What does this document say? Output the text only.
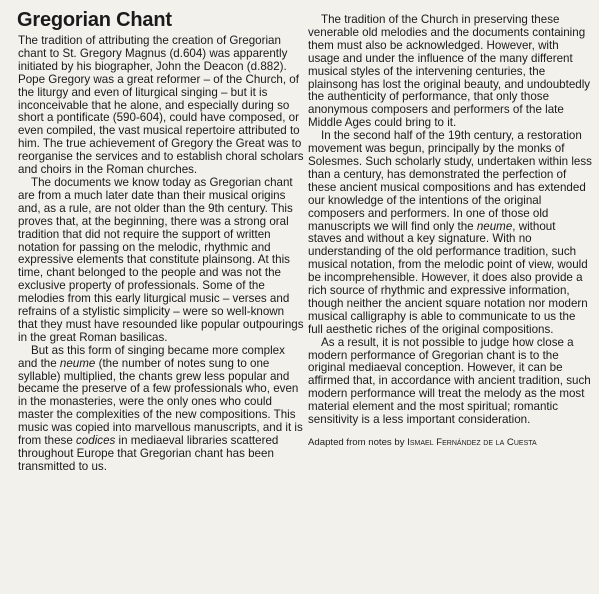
Gregorian Chant

The tradition of attributing the creation of Gregorian chant to St. Gregory Magnus (d.604) was apparently initiated by his biographer, John the Deacon (d.882). Pope Gregory was a great reformer – of the Church, of the liturgy and even of liturgical singing – but it is inconceivable that he alone, and especially during so short a pontificate (590-604), could have composed, or even compiled, the vast musical repertoire attributed to him. The true achievement of Gregory the Great was to reorganise the services and to establish choral scholars and choirs in the Roman churches.

The documents we know today as Gregorian chant are from a much later date than their musical origins and, as a rule, are not older than the 9th century. This proves that, at the beginning, there was a strong oral tradition that did not require the support of written notation for passing on the melodic, rhythmic and expressive elements that constitute plainsong. At this time, chant belonged to the people and was not the exclusive property of professionals. Some of the melodies from this early liturgical music – verses and refrains of a stylistic simplicity – were so well-known that they must have resounded like popular outpourings in the great Roman basilicas.

But as this form of singing became more complex and the neume (the number of notes sung to one syllable) multiplied, the chants grew less popular and became the preserve of a few professionals who, even in the monasteries, were the only ones who could master the complexities of the new compositions. This music was copied into marvellous manuscripts, and it is from these codices in mediaeval libraries scattered throughout Europe that Gregorian chant has been transmitted to us.

The tradition of the Church in preserving these venerable old melodies and the documents containing them must also be acknowledged. However, with usage and under the influence of the many different musical styles of the intervening centuries, the plainsong has lost the original beauty, and undoubtedly the authenticity of performance, that only those anonymous composers and performers of the late Middle Ages could bring to it.

In the second half of the 19th century, a restoration movement was begun, principally by the monks of Solesmes. Such scholarly study, undertaken within less than a century, has demonstrated the perfection of these ancient musical compositions and has extended our knowledge of the intentions of the original composers and performers. In one of those old manuscripts we will find only the neume, without staves and without a key signature. With no understanding of the old performance tradition, such musical notation, from the melodic point of view, would be incomprehensible. However, it does also provide a rich source of rhythmic and expressive information, though neither the ancient square notation nor modern musical calligraphy is able to communicate to us the full aesthetic riches of the original compositions.

As a result, it is not possible to judge how close a modern performance of Gregorian chant is to the original mediaeval conception. However, it can be affirmed that, in accordance with ancient tradition, such modern performance will treat the melody as the most material element and the most spiritual; romantic sensitivity is a less important consideration.

Adapted from notes by Ismael Fernández de la Cuesta
